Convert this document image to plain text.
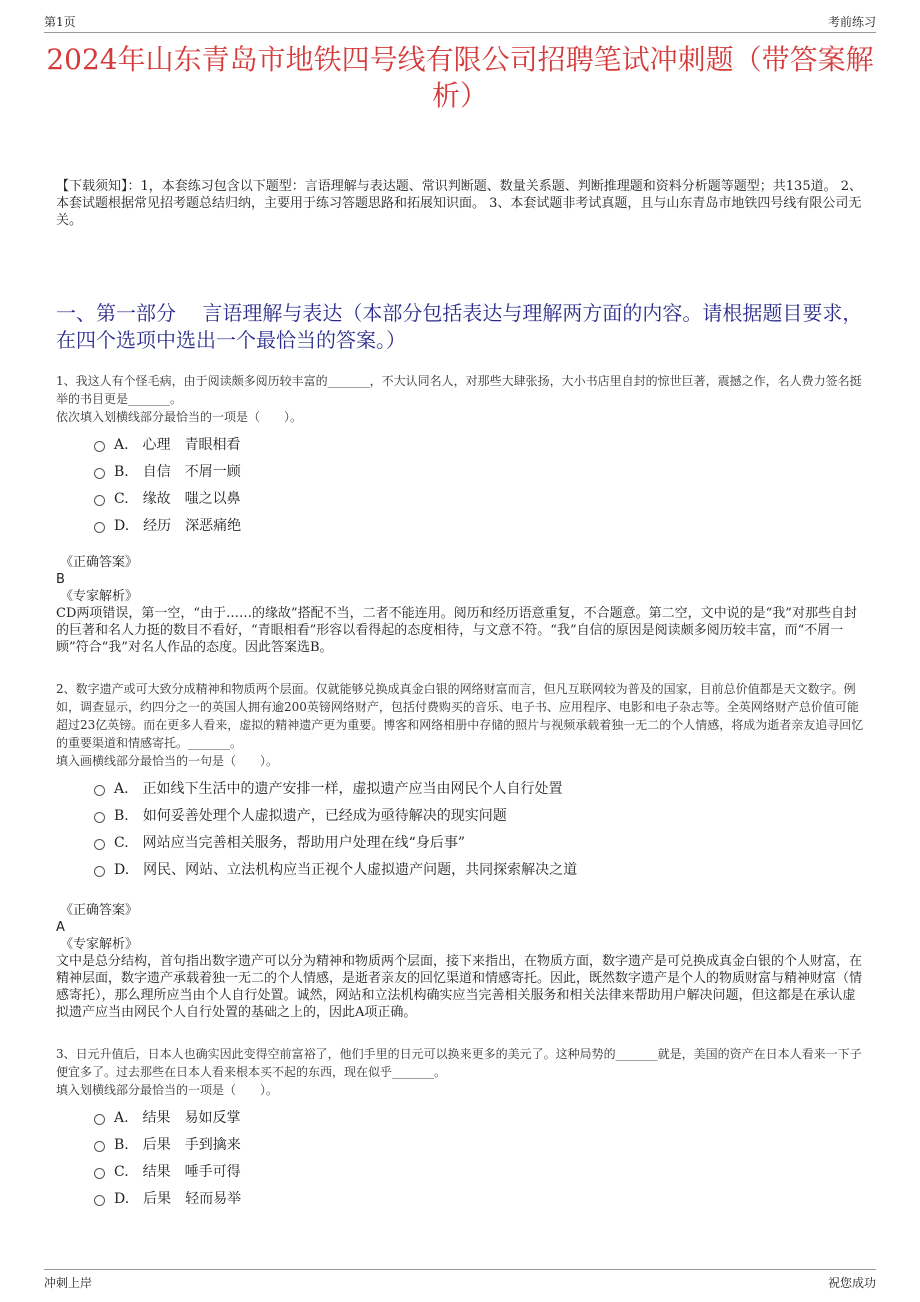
第1页	考前练习
2024年山东青岛市地铁四号线有限公司招聘笔试冲刺题（带答案解析）
【下载须知】：1，本套练习包含以下题型：言语理解与表达题、常识判断题、数量关系题、判断推理题和资料分析题等题型；共135道。 2、本套试题根据常见招考题总结归纳，主要用于练习答题思路和拓展知识面。 3、本套试题非考试真题，且与山东青岛市地铁四号线有限公司无关。
一、第一部分　 言语理解与表达（本部分包括表达与理解两方面的内容。请根据题目要求，在四个选项中选出一个最恰当的答案。）
1、我这人有个怪毛病，由于阅读颇多阅历较丰富的_______，不大认同名人，对那些大肆张扬，大小书店里自封的惊世巨著，震撼之作，名人费力签名挺举的书目更是_______。
依次填入划横线部分最恰当的一项是（　　）。
A.　心理　青眼相看
B.　自信　不屑一顾
C.　缘故　嗤之以鼻
D.　经历　深恶痛绝
《正确答案》
B
《专家解析》
CD两项错误，第一空，“由于……的缘故”搭配不当，二者不能连用。阅历和经历语意重复，不合题意。第二空，文中说的是“我”对那些自封的巨著和名人力挺的数目不看好，“青眼相看”形容以看得起的态度相待，与文意不符。“我”自信的原因是阅读颇多阅历较丰富，而“不屑一顾”符合“我”对名人作品的态度。因此答案选B。
2、数字遗产或可大致分成精神和物质两个层面。仅就能够兑换成真金白银的网络财富而言，但凡互联网较为普及的国家，目前总价值都是天文数字。例如，调查显示，约四分之一的英国人拥有逾200英镑网络财产，包括付费购买的音乐、电子书、应用程序、电影和电子杂志等。全英网络财产总价值可能超过23亿英镑。而在更多人看来，虚拟的精神遗产更为重要。博客和网络相册中存储的照片与视频承载着独一无二的个人情感，将成为逝者亲友追寻回忆的重要渠道和情感寄托。_______。
填入画横线部分最恰当的一句是（　　）。
A.　正如线下生活中的遗产安排一样，虚拟遗产应当由网民个人自行处置
B.　如何妥善处理个人虚拟遗产，已经成为亟待解决的现实问题
C.　网站应当完善相关服务，帮助用户处理在线“身后事”
D.　网民、网站、立法机构应当正视个人虚拟遗产问题，共同探索解决之道
《正确答案》
A
《专家解析》
文中是总分结构，首句指出数字遗产可以分为精神和物质两个层面，接下来指出，在物质方面，数字遗产是可兑换成真金白银的个人财富，在精神层面，数字遗产承载着独一无二的个人情感，是逝者亲友的回忆渠道和情感寄托。因此，既然数字遗产是个人的物质财富与精神财富（情感寄托），那么理所应当由个人自行处置。诚然，网站和立法机构确实应当完善相关服务和相关法律来帮助用户解决问题，但这都是在承认虚拟遗产应当由网民个人自行处置的基础之上的，因此A项正确。
3、日元升值后，日本人也确实因此变得空前富裕了，他们手里的日元可以换来更多的美元了。这种局势的_______就是，美国的资产在日本人看来一下子便宜多了。过去那些在日本人看来根本买不起的东西，现在似乎_______。
填入划横线部分最恰当的一项是（　　）。
A.　结果　易如反掌
B.　后果　手到擒来
C.　结果　唾手可得
D.　后果　轻而易举
冲刺上岸	祝您成功
